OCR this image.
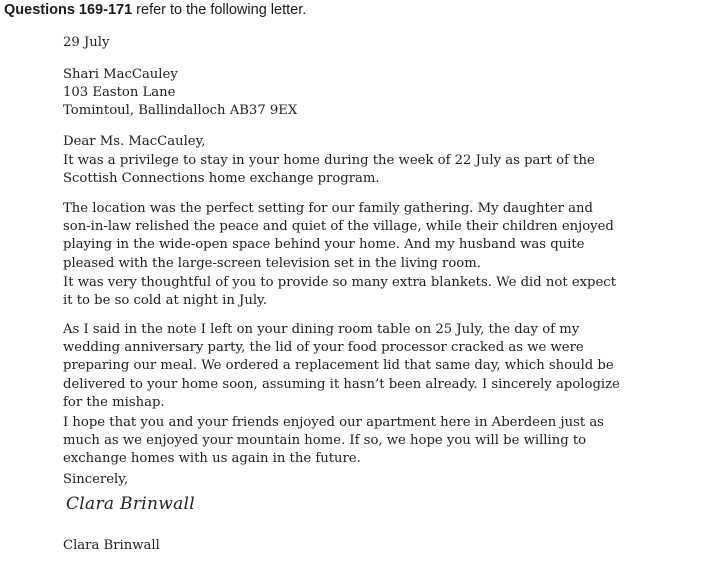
Questions 169-171 refer to the following letter.
29 July
Shari MacCauley
103 Easton Lane
Tomintoul, Ballindalloch AB37 9EX
Dear Ms. MacCauley,
It was a privilege to stay in your home during the week of 22 July as part of the
Scottish Connections home exchange program.
The location was the perfect setting for our family gathering. My daughter and
son-in-law relished the peace and quiet of the village, while their children enjoyed
playing in the wide-open space behind your home. And my husband was quite
pleased with the large-screen television set in the living room.
It was very thoughtful of you to provide so many extra blankets. We did not expect
it to be so cold at night in July.
As I said in the note I left on your dining room table on 25 July, the day of my
wedding anniversary party, the lid of your food processor cracked as we were
preparing our meal. We ordered a replacement lid that same day, which should be
delivered to your home soon, assuming it hasn’t been already. I sincerely apologize
for the mishap.
I hope that you and your friends enjoyed our apartment here in Aberdeen just as
much as we enjoyed your mountain home. If so, we hope you will be willing to
exchange homes with us again in the future.
Sincerely,
Clara Brinwall
Clara Brinwall
